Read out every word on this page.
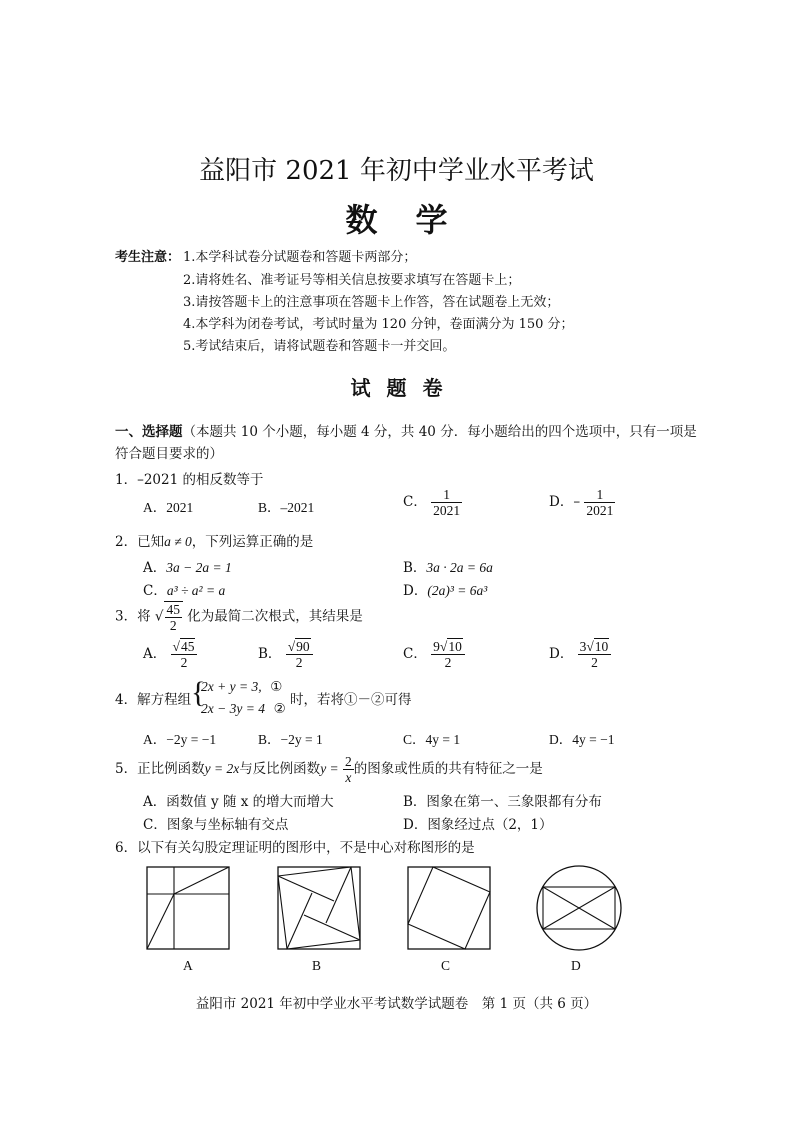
益阳市 2021 年初中学业水平考试
数学
考生注意： 1.本学科试卷分试题卷和答题卡两部分；
2.请将姓名、准考证号等相关信息按要求填写在答题卡上；
3.请按答题卡上的注意事项在答题卡上作答，答在试题卷上无效；
4.本学科为闭卷考试，考试时量为 120 分钟，卷面满分为 150 分；
5.考试结束后，请将试题卷和答题卡一并交回。
试题卷
一、选择题（本题共 10 个小题，每小题 4 分，共 40 分．每小题给出的四个选项中，只有一项是
符合题目要求的）
1．–2021 的相反数等于
A．2021	B．–2021	C． $\frac{1}{2021}$	D．– $\frac{1}{2021}$
2．已知a ≠ 0，下列运算正确的是
A．3a − 2a = 1	B．3a · 2a = 6a
C．a³ ÷ a² = a	D．(2a)³ = 6a³
3．将 √ $\frac{45}{2}$ 化为最简二次根式，其结果是
A． $\frac{√45}{2}$	B． $\frac{√90}{2}$	C． $\frac{9√10}{2}$	D． $\frac{3√10}{2}$
4．解方程组 {
2x + y = 3, ①
2x − 3y = 4 ②
时，若将①－②可得
A．−2y = −1	B．−2y = 1	C．4y = 1	D．4y = −1
5．正比例函数y = 2x与反比例函数$y = \frac{2}{x}$ 的图象或性质的共有特征之一是
A．函数值 y 随 x 的增大而增大	B．图象在第一、三象限都有分布
C．图象与坐标轴有交点	D．图象经过点（2，1）
6．以下有关勾股定理证明的图形中，不是中心对称图形的是
A	B	C	D
益阳市 2021 年初中学业水平考试数学试题卷　第 1 页（共 6 页）
